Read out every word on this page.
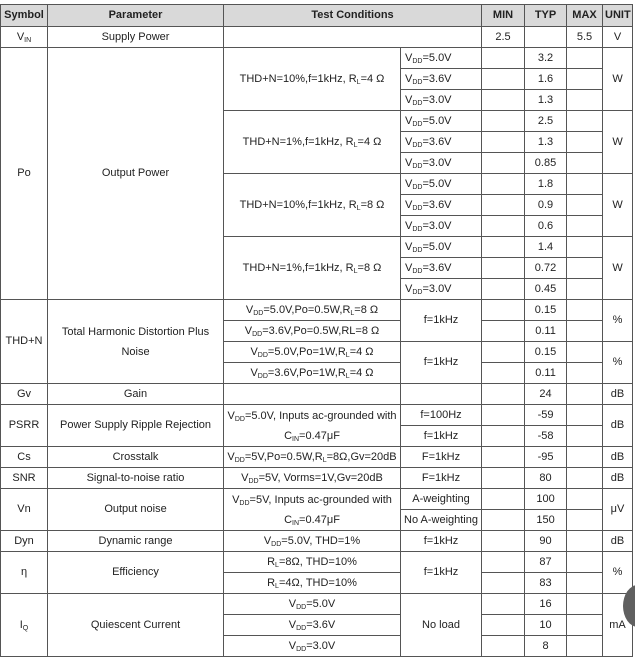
Symbol	Parameter	Test Conditions		MIN	TYP	MAX	UNIT
$V_{IN}$	Supply Power			2.5		5.5	V
Po	Output Power	THD+N=10%,f=1kHz, $R_L=4$ Ω	$V_{DD}=5.0V$		3.2		W
			$V_{DD}=3.6V$		1.6		
			$V_{DD}=3.0V$		1.3		
		THD+N=1%,f=1kHz, $R_L=4$ Ω	$V_{DD}=5.0V$		2.5		W
			$V_{DD}=3.6V$		1.3		
			$V_{DD}=3.0V$		0.85		
		THD+N=10%,f=1kHz, $R_L=8$ Ω	$V_{DD}=5.0V$		1.8		W
			$V_{DD}=3.6V$		0.9		
			$V_{DD}=3.0V$		0.6		
		THD+N=1%,f=1kHz, $R_L=8$ Ω	$V_{DD}=5.0V$		1.4		W
			$V_{DD}=3.6V$		0.72		
			$V_{DD}=3.0V$		0.45		
THD+N	Total Harmonic Distortion Plus Noise	$V_{DD}=5.0V,Po=0.5W,R_L=8$ Ω	f=1kHz		0.15		%
		$V_{DD}=3.6V,Po=0.5W,RL=8$ Ω			0.11		
		$V_{DD}=5.0V,Po=1W,R_L=4$ Ω	f=1kHz		0.15		%
		$V_{DD}=3.6V,Po=1W,R_L=4$ Ω			0.11		
Gv	Gain				24		dB
PSRR	Power Supply Ripple Rejection	$V_{DD}=5.0V$, Inputs ac-grounded with
$C_{IN}=0.47\mu F$	f=100Hz		-59		dB
			f=1kHz		-58		
Cs	Crosstalk	$V_{DD}=5V,Po=0.5W,R_L=8\Omega,Gv=20dB$	F=1kHz		-95		dB
SNR	Signal-to-noise ratio	$V_{DD}=5V$, Vorms=1V,Gv=20dB	F=1kHz		80		dB
Vn	Output noise	$V_{DD}=5V$, Inputs ac-grounded with
$C_{IN}=0.47\mu F$	A-weighting		100		μV
			No A-weighting		150		
Dyn	Dynamic range	$V_{DD}=5.0V$, THD=1%	f=1kHz		90		dB
η	Efficiency	$R_L=8\Omega$, THD=10%	f=1kHz		87		%
		$R_L=4\Omega$, THD=10%			83		
$I_Q$	Quiescent Current	$V_{DD}=5.0V$	No load		16		mA
		$V_{DD}=3.6V$			10		
		$V_{DD}=3.0V$			8		
